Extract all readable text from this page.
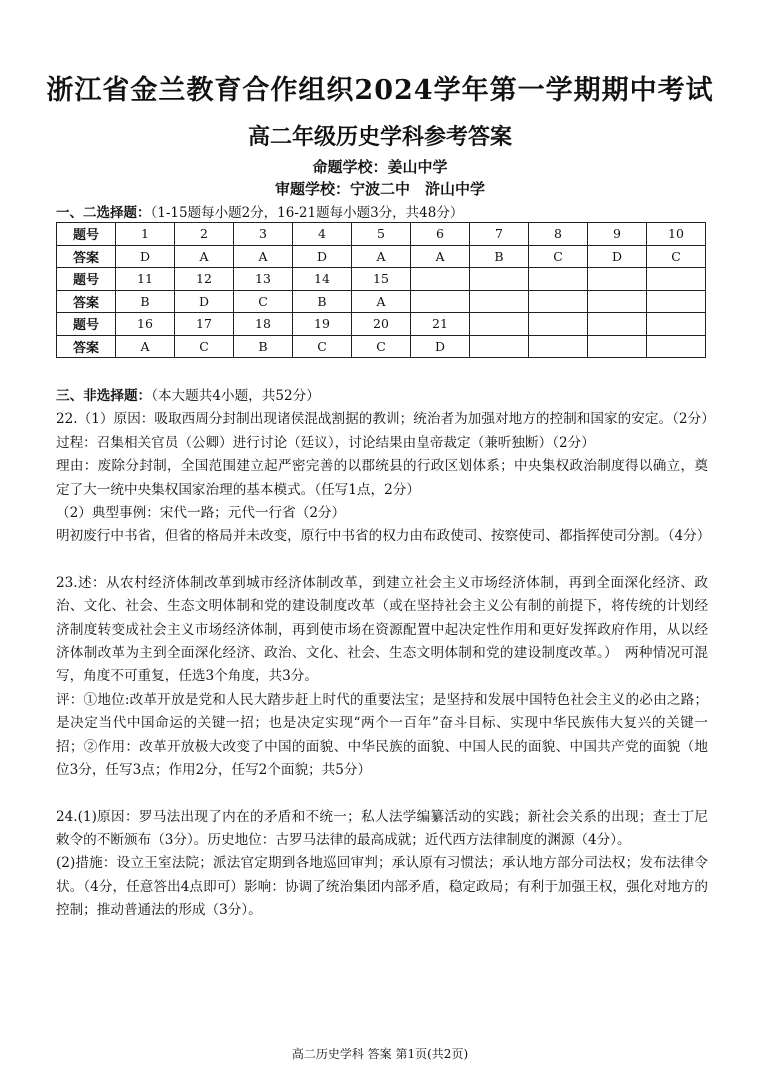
浙江省金兰教育合作组织2024学年第一学期期中考试
高二年级历史学科参考答案
命题学校：姜山中学
审题学校：宁波二中　浒山中学
一、二选择题：（1-15题每小题2分，16-21题每小题3分，共48分）
题号	1	2	3	4	5	6	7	8	9	10
答案	D	A	A	D	A	A	B	C	D	C
题号	11	12	13	14	15					
答案	B	D	C	B	A					
题号	16	17	18	19	20	21				
答案	A	C	B	C	C	D				

三、非选择题：（本大题共4小题，共52分）

22.（1）原因：吸取西周分封制出现诸侯混战割据的教训；统治者为加强对地方的控制和国家的安定。（2分）过程：召集相关官员（公卿）进行讨论（廷议），讨论结果由皇帝裁定（兼听独断）（2分）

理由：废除分封制，全国范围建立起严密完善的以郡统县的行政区划体系；中央集权政治制度得以确立，奠定了大一统中央集权国家治理的基本模式。（任写1点，2分）

（2）典型事例：宋代一路；元代一行省（2分）

明初废行中书省，但省的格局并未改变，原行中书省的权力由布政使司、按察使司、都指挥使司分割。（4分）

23.述：从农村经济体制改革到城市经济体制改革，到建立社会主义市场经济体制，再到全面深化经济、政治、文化、社会、生态文明体制和党的建设制度改革（或在坚持社会主义公有制的前提下，将传统的计划经济制度转变成社会主义市场经济体制，再到使市场在资源配置中起决定性作用和更好发挥政府作用，从以经济体制改革为主到全面深化经济、政治、文化、社会、生态文明体制和党的建设制度改革。）　两种情况可混写，角度不可重复，任选3个角度，共3分。

评：①地位:改革开放是党和人民大踏步赶上时代的重要法宝；是坚持和发展中国特色社会主义的必由之路；是决定当代中国命运的关键一招；也是决定实现“两个一百年”奋斗目标、实现中华民族伟大复兴的关键一招；②作用：改革开放极大改变了中国的面貌、中华民族的面貌、中国人民的面貌、中国共产党的面貌（地位3分，任写3点；作用2分，任写2个面貌；共5分）

24.(1)原因：罗马法出现了内在的矛盾和不统一；私人法学编纂活动的实践；新社会关系的出现；查士丁尼敕令的不断颁布（3分）。历史地位：古罗马法律的最高成就；近代西方法律制度的渊源（4分）。

(2)措施：设立王室法院；派法官定期到各地巡回审判；承认原有习惯法；承认地方部分司法权；发布法律令状。（4分，任意答出4点即可）影响：协调了统治集团内部矛盾，稳定政局；有利于加强王权，强化对地方的控制；推动普通法的形成（3分）。

高二历史学科 答案 第1页(共2页)
